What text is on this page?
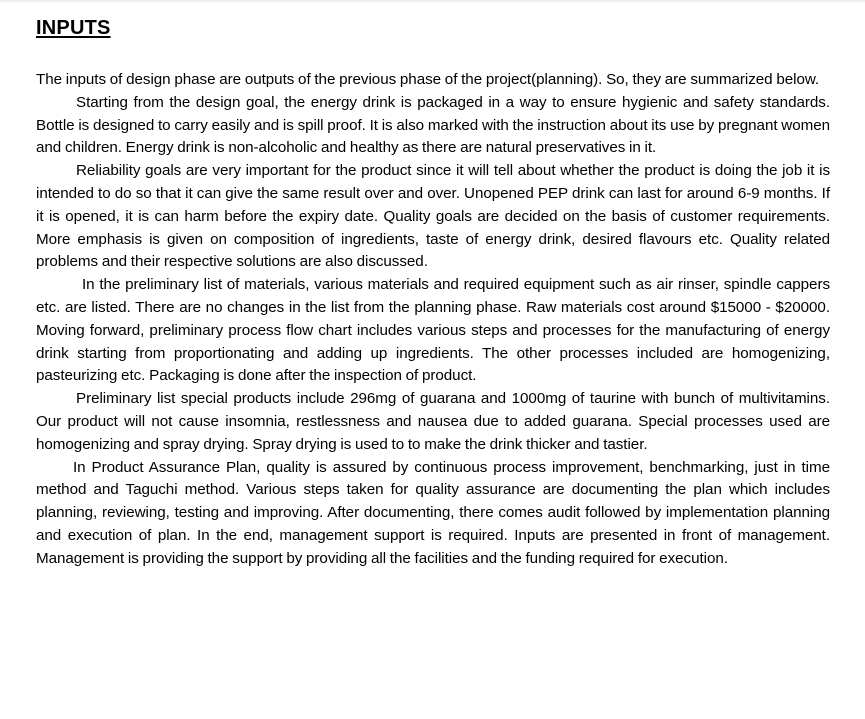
INPUTS

The inputs of design phase are outputs of the previous phase of the project(planning). So, they are summarized below.

Starting from the design goal, the energy drink is packaged in a way to ensure hygienic and safety standards. Bottle is designed to carry easily and is spill proof. It is also marked with the instruction about its use by pregnant women and children. Energy drink is non-alcoholic and healthy as there are natural preservatives in it.

Reliability goals are very important for the product since it will tell about whether the product is doing the job it is intended to do so that it can give the same result over and over. Unopened PEP drink can last for around 6-9 months. If it is opened, it is can harm before the expiry date. Quality goals are decided on the basis of customer requirements. More emphasis is given on composition of ingredients, taste of energy drink, desired flavours etc. Quality related problems and their respective solutions are also discussed.

In the preliminary list of materials, various materials and required equipment such as air rinser, spindle cappers etc. are listed. There are no changes in the list from the planning phase. Raw materials cost around $15000 - $20000. Moving forward, preliminary process flow chart includes various steps and processes for the manufacturing of energy drink starting from proportionating and adding up ingredients. The other processes included are homogenizing, pasteurizing etc. Packaging is done after the inspection of product.

Preliminary list special products include 296mg of guarana and 1000mg of taurine with bunch of multivitamins. Our product will not cause insomnia, restlessness and nausea due to added guarana. Special processes used are homogenizing and spray drying. Spray drying is used to to make the drink thicker and tastier.

In Product Assurance Plan, quality is assured by continuous process improvement, benchmarking, just in time method and Taguchi method. Various steps taken for quality assurance are documenting the plan which includes planning, reviewing, testing and improving. After documenting, there comes audit followed by implementation planning and execution of plan. In the end, management support is required. Inputs are presented in front of management. Management is providing the support by providing all the facilities and the funding required for execution.
